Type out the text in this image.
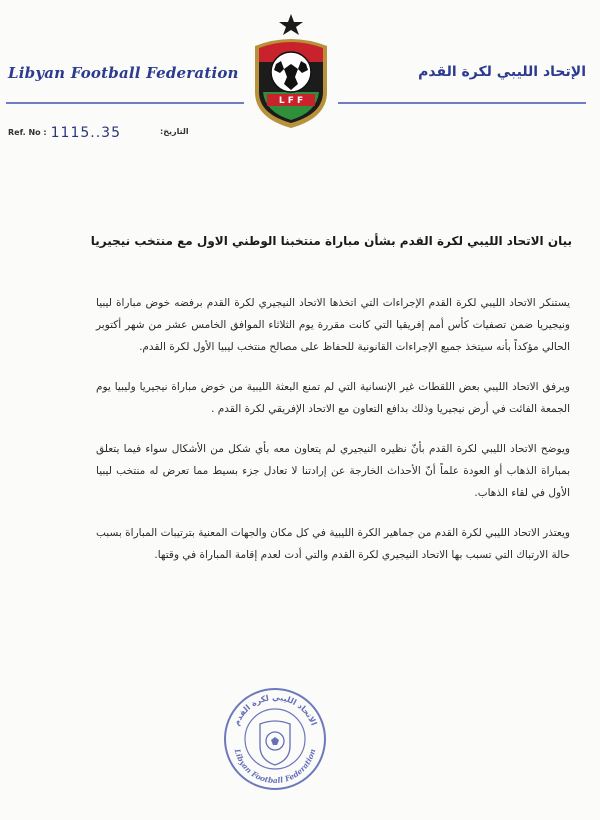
Libyan Football Federation	الإتحاد الليبي لكرة القدم
L F F
Ref. No : 1115..35	التاريخ:
بيان الاتحاد الليبي لكرة القدم بشأن مباراة منتخبنا الوطني الاول مع منتخب نيجيريا

يستنكر الاتحاد الليبي لكرة القدم الإجراءات التي اتخذها الاتحاد النيجيري لكرة القدم برفضه خوض مباراة ليبيا ونيجيريا ضمن تصفيات كأس أمم إفريقيا التي كانت مقررة يوم الثلاثاء الموافق الخامس عشر من شهر أكتوبر الحالي مؤكداً بأنه سيتخذ جميع الإجراءات القانونية للحفاظ على مصالح منتخب ليبيا الأول لكرة القدم.

ويرفق الاتحاد الليبي بعض اللقطات غير الإنسانية التي لم تمنع البعثة الليبية من خوض مباراة نيجيريا وليبيا يوم الجمعة الفائت في أرض نيجيريا وذلك بدافع التعاون مع الاتحاد الإفريقي لكرة القدم .

ويوضح الاتحاد الليبي لكرة القدم بأنّ نظيره النيجيري لم يتعاون معه بأي شكل من الأشكال سواء فيما يتعلق بمباراة الذهاب أو العودة علماً أنّ الأحداث الخارجة عن إرادتنا لا تعادل جزء بسيط مما تعرض له منتخب ليبيا الأول في لقاء الذهاب.

ويعتذر الاتحاد الليبي لكرة القدم من جماهير الكرة الليبية في كل مكان والجهات المعنية بترتيبات المباراة بسبب حالة الارتباك التي تسبب بها الاتحاد النيجيري لكرة القدم والتي أدت لعدم إقامة المباراة في وقتها.

الاتحاد الليبي لكرة القدم
Libyan Football Federation
